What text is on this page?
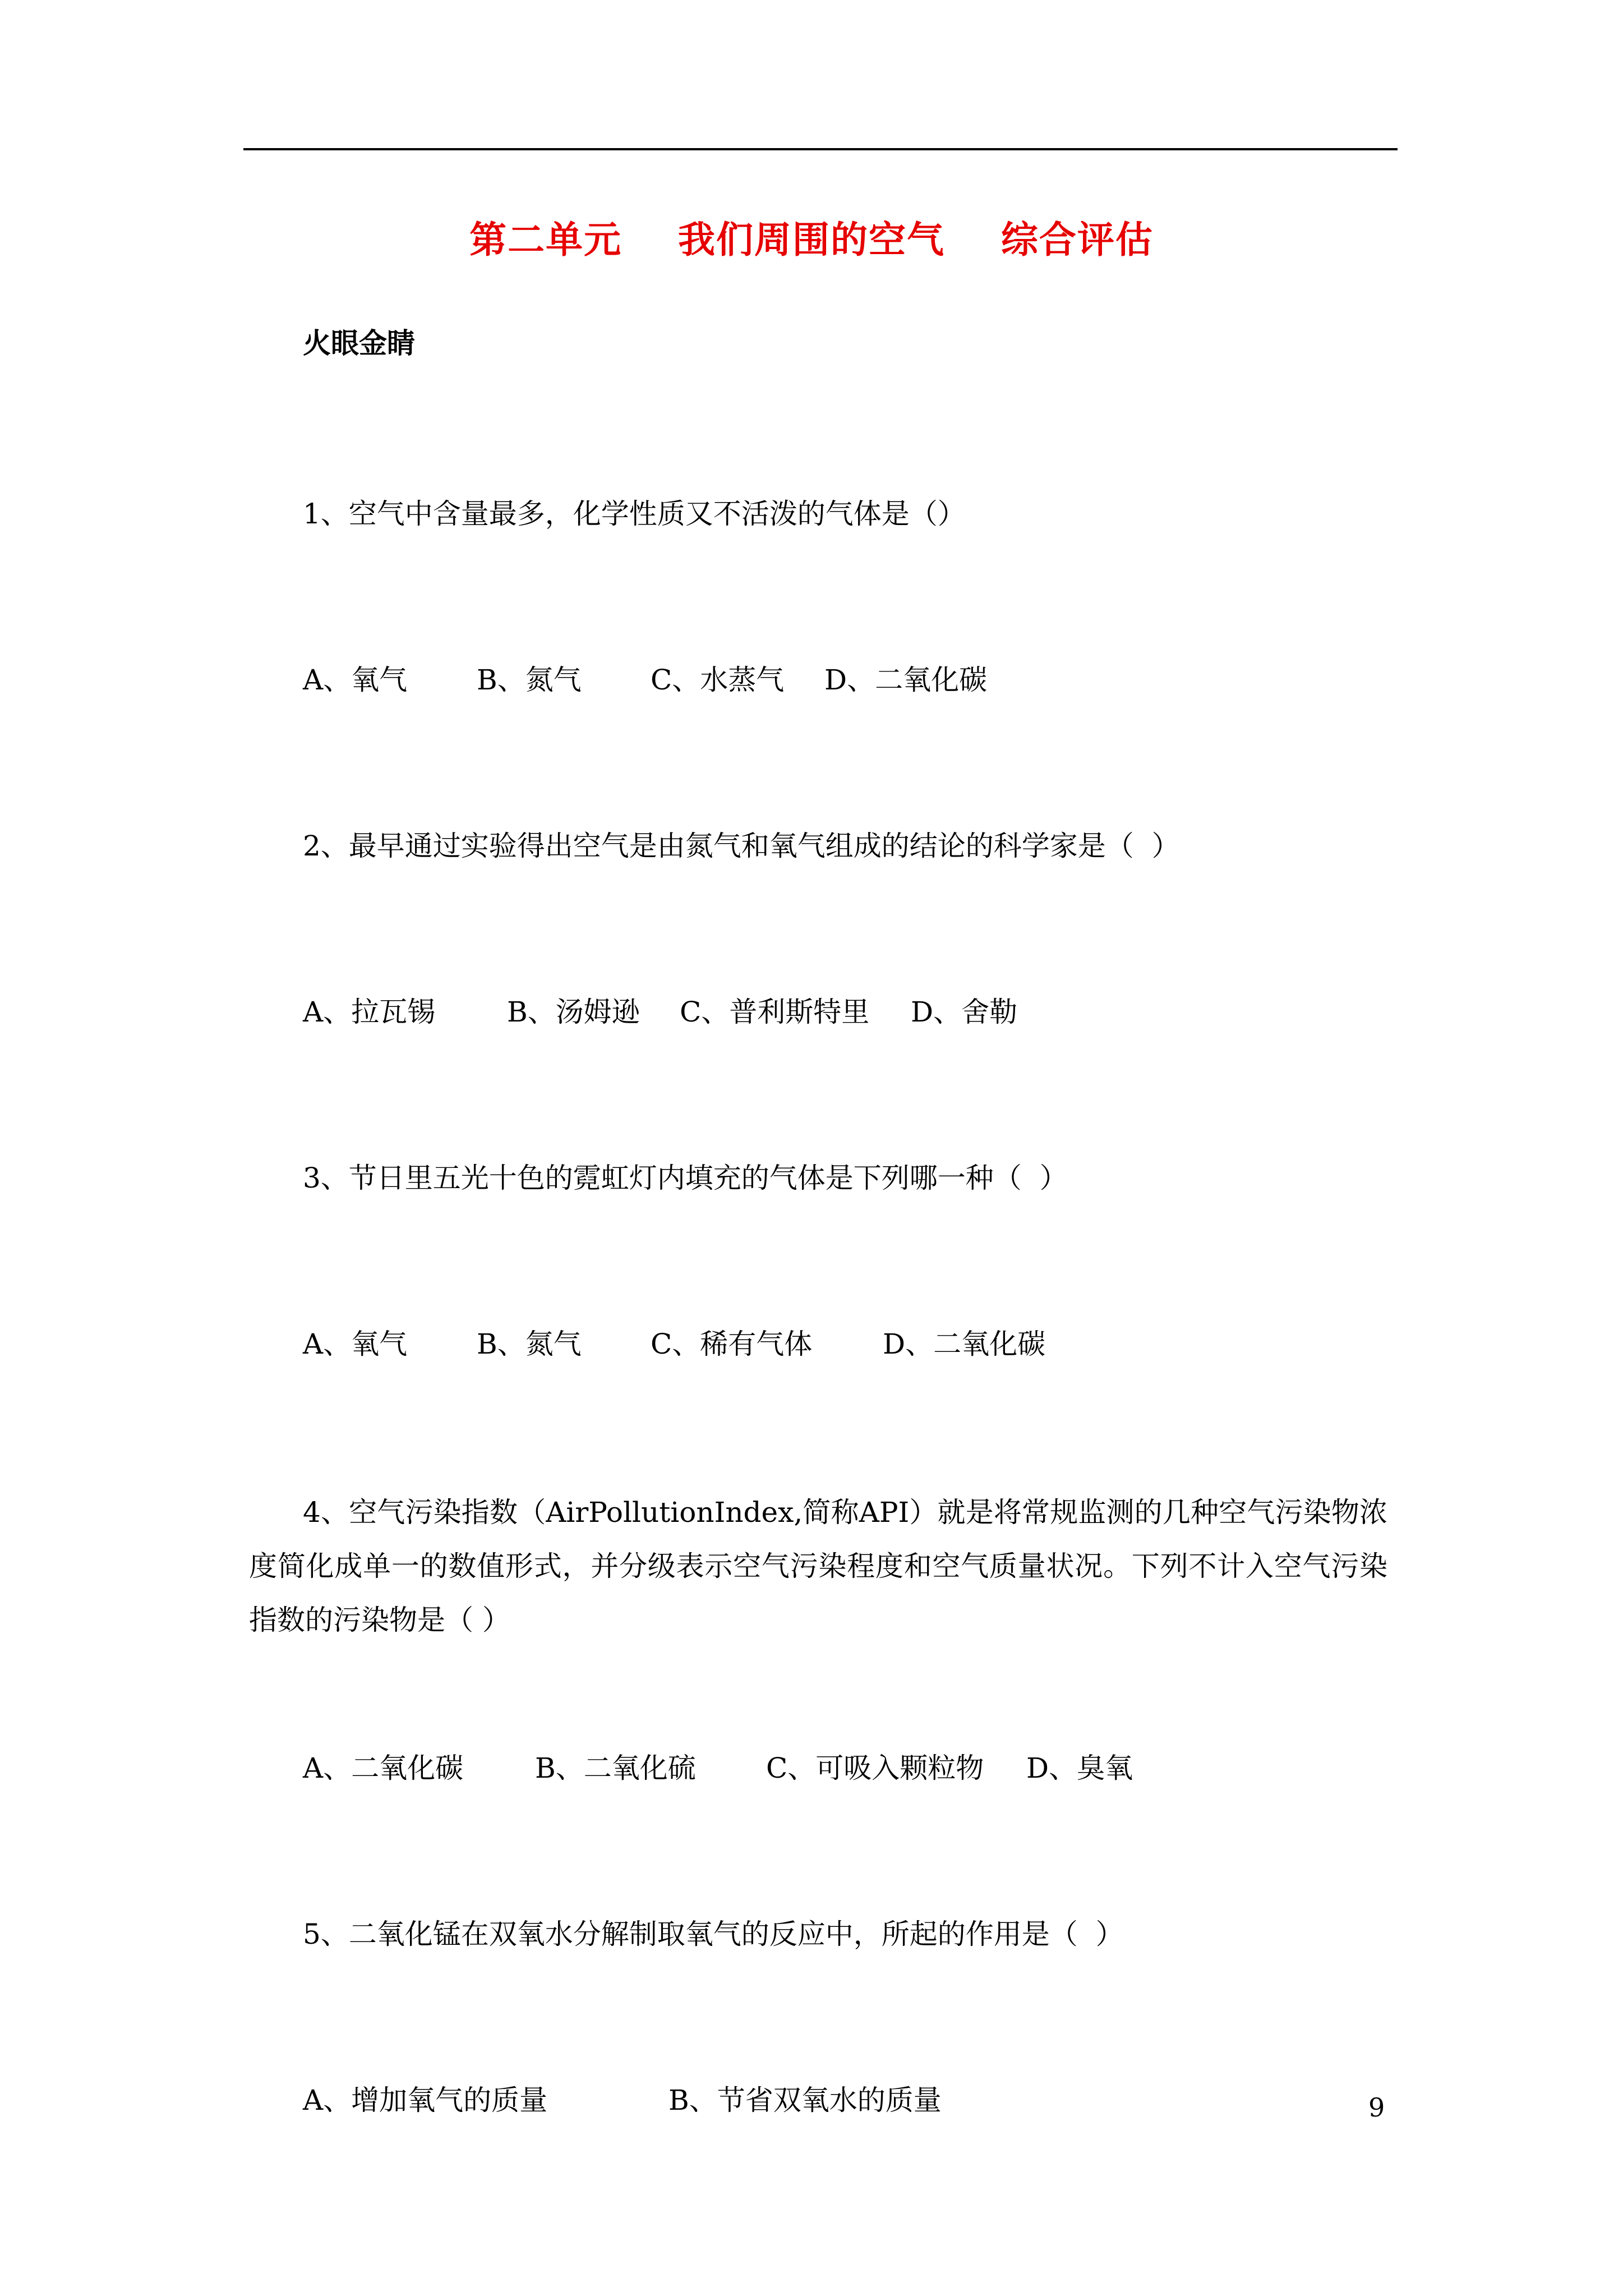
第二单元    我们周围的空气    综合评估
火眼金睛
1、空气中含量最多，化学性质又不活泼的气体是（）
A、氧气 B、氮气 C、水蒸气 D、二氧化碳
2、最早通过实验得出空气是由氮气和氧气组成的结论的科学家是（  ）
A、拉瓦锡	B、汤姆逊 C、普利斯特里 D、舍勒
3、节日里五光十色的霓虹灯内填充的气体是下列哪一种（  ）
A、氧气 B、氮气 C、稀有气体	D、二氧化碳
4、空气污染指数（AirPollutionIndex,简称API）就是将常规监测的几种空气污染物浓度简化成单一的数值形式，并分级表示空气污染程度和空气质量状况。下列不计入空气污染指数的污染物是（ ）
A、二氧化碳	B、二氧化硫	C、可吸入颗粒物 D、臭氧
5、二氧化锰在双氧水分解制取氧气的反应中，所起的作用是（  ）
A、增加氧气的质量	B、节省双氧水的质量	9
